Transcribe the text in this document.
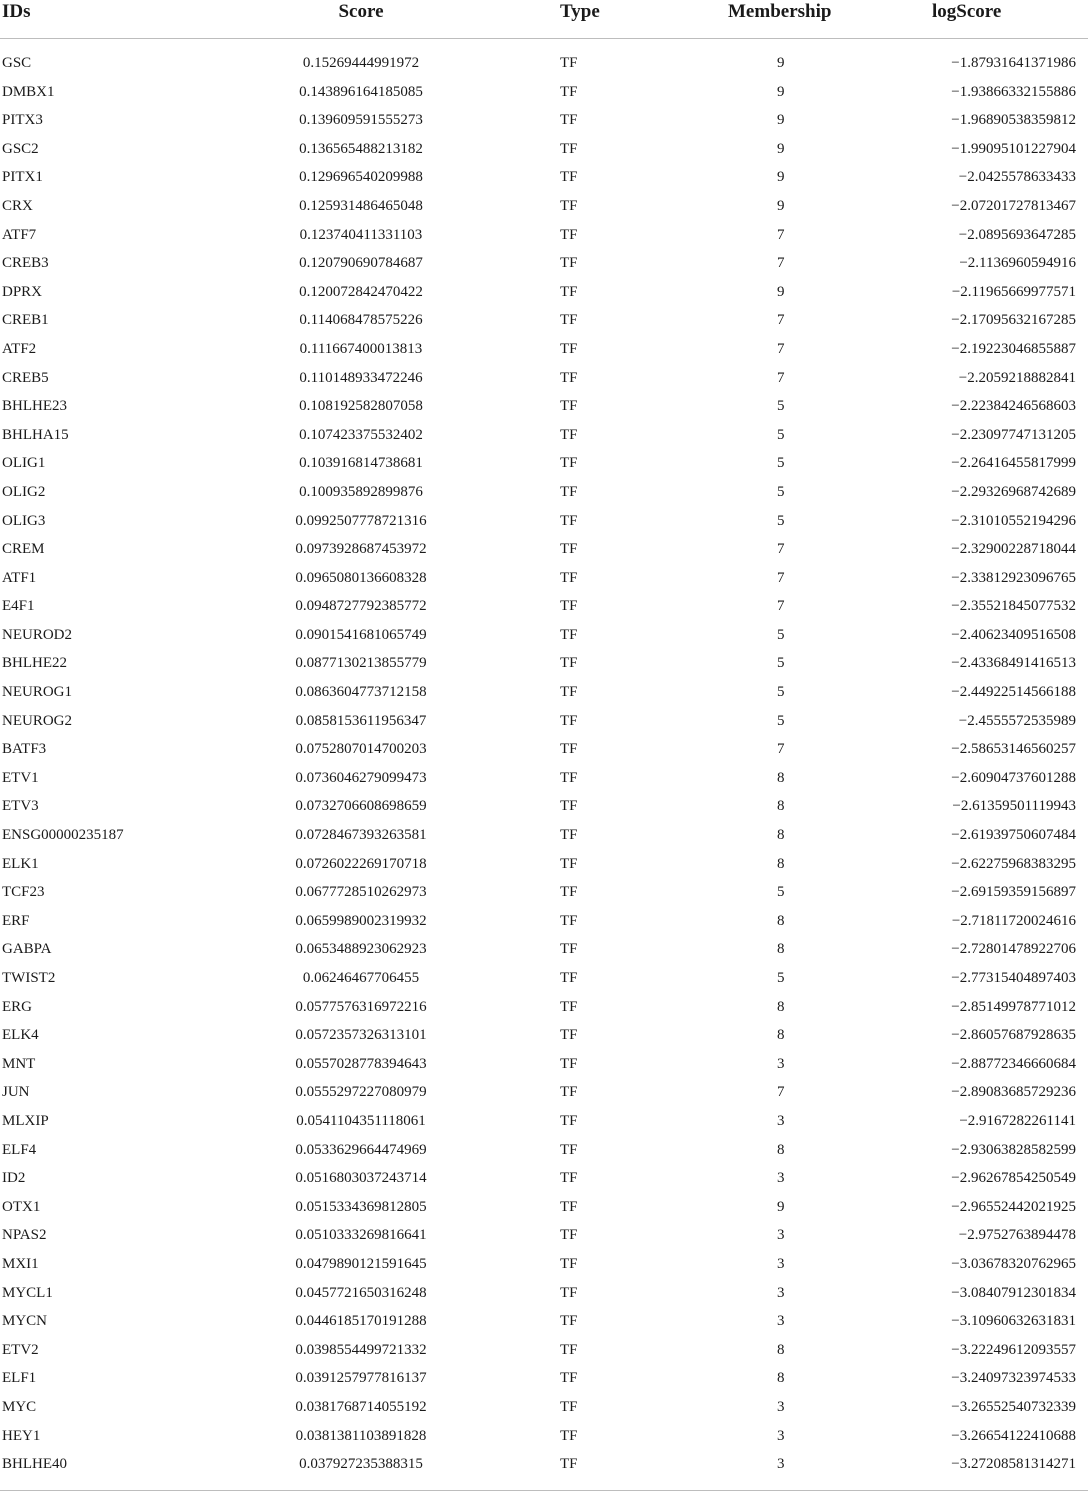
IDs	Score	Type	Membership	logScore
GSC	0.15269444991972	TF	9	−1.87931641371986
DMBX1	0.143896164185085	TF	9	−1.93866332155886
PITX3	0.139609591555273	TF	9	−1.96890538359812
GSC2	0.136565488213182	TF	9	−1.99095101227904
PITX1	0.129696540209988	TF	9	−2.0425578633433
CRX	0.125931486465048	TF	9	−2.07201727813467
ATF7	0.123740411331103	TF	7	−2.0895693647285
CREB3	0.120790690784687	TF	7	−2.1136960594916
DPRX	0.120072842470422	TF	9	−2.11965669977571
CREB1	0.114068478575226	TF	7	−2.17095632167285
ATF2	0.111667400013813	TF	7	−2.19223046855887
CREB5	0.110148933472246	TF	7	−2.2059218882841
BHLHE23	0.108192582807058	TF	5	−2.22384246568603
BHLHA15	0.107423375532402	TF	5	−2.23097747131205
OLIG1	0.103916814738681	TF	5	−2.26416455817999
OLIG2	0.100935892899876	TF	5	−2.29326968742689
OLIG3	0.0992507778721316	TF	5	−2.31010552194296
CREM	0.0973928687453972	TF	7	−2.32900228718044
ATF1	0.0965080136608328	TF	7	−2.33812923096765
E4F1	0.0948727792385772	TF	7	−2.35521845077532
NEUROD2	0.0901541681065749	TF	5	−2.40623409516508
BHLHE22	0.0877130213855779	TF	5	−2.43368491416513
NEUROG1	0.0863604773712158	TF	5	−2.44922514566188
NEUROG2	0.0858153611956347	TF	5	−2.4555572535989
BATF3	0.0752807014700203	TF	7	−2.58653146560257
ETV1	0.0736046279099473	TF	8	−2.60904737601288
ETV3	0.0732706608698659	TF	8	−2.61359501119943
ENSG00000235187	0.0728467393263581	TF	8	−2.61939750607484
ELK1	0.0726022269170718	TF	8	−2.62275968383295
TCF23	0.0677728510262973	TF	5	−2.69159359156897
ERF	0.0659989002319932	TF	8	−2.71811720024616
GABPA	0.0653488923062923	TF	8	−2.72801478922706
TWIST2	0.06246467706455	TF	5	−2.77315404897403
ERG	0.0577576316972216	TF	8	−2.85149978771012
ELK4	0.0572357326313101	TF	8	−2.86057687928635
MNT	0.0557028778394643	TF	3	−2.88772346660684
JUN	0.0555297227080979	TF	7	−2.89083685729236
MLXIP	0.0541104351118061	TF	3	−2.9167282261141
ELF4	0.0533629664474969	TF	8	−2.93063828582599
ID2	0.0516803037243714	TF	3	−2.96267854250549
OTX1	0.0515334369812805	TF	9	−2.96552442021925
NPAS2	0.0510333269816641	TF	3	−2.9752763894478
MXI1	0.0479890121591645	TF	3	−3.03678320762965
MYCL1	0.0457721650316248	TF	3	−3.08407912301834
MYCN	0.0446185170191288	TF	3	−3.10960632631831
ETV2	0.0398554499721332	TF	8	−3.22249612093557
ELF1	0.0391257977816137	TF	8	−3.24097323974533
MYC	0.0381768714055192	TF	3	−3.26552540732339
HEY1	0.0381381103891828	TF	3	−3.26654122410688
BHLHE40	0.037927235388315	TF	3	−3.27208581314271
